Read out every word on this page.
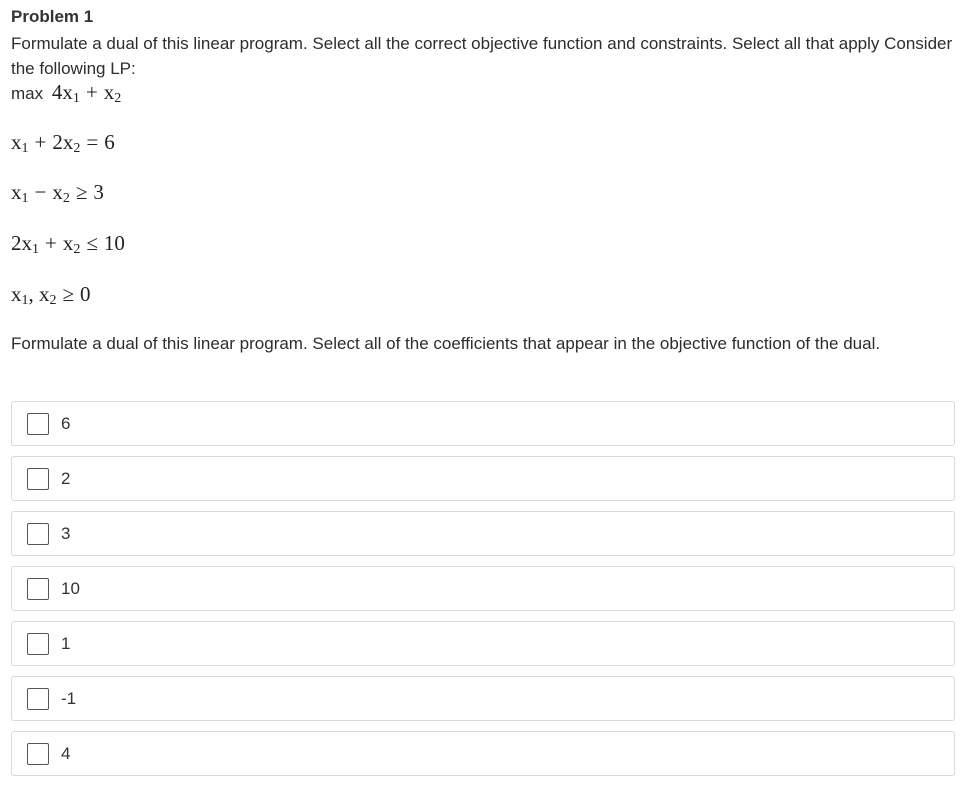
Problem 1

Formulate a dual of this linear program. Select all the correct objective function and constraints. Select all that apply Consider the following LP:

$\max 4x_1 + x_2$
$x_1 + 2x_2 = 6$
$x_1 - x_2 \ge 3$
$2x_1 + x_2 \le 10$
$x_1$, $x_2 \ge 0$

Formulate a dual of this linear program. Select all of the coefficients that appear in the objective function of the dual.

6
2
3
10
1
-1
4
